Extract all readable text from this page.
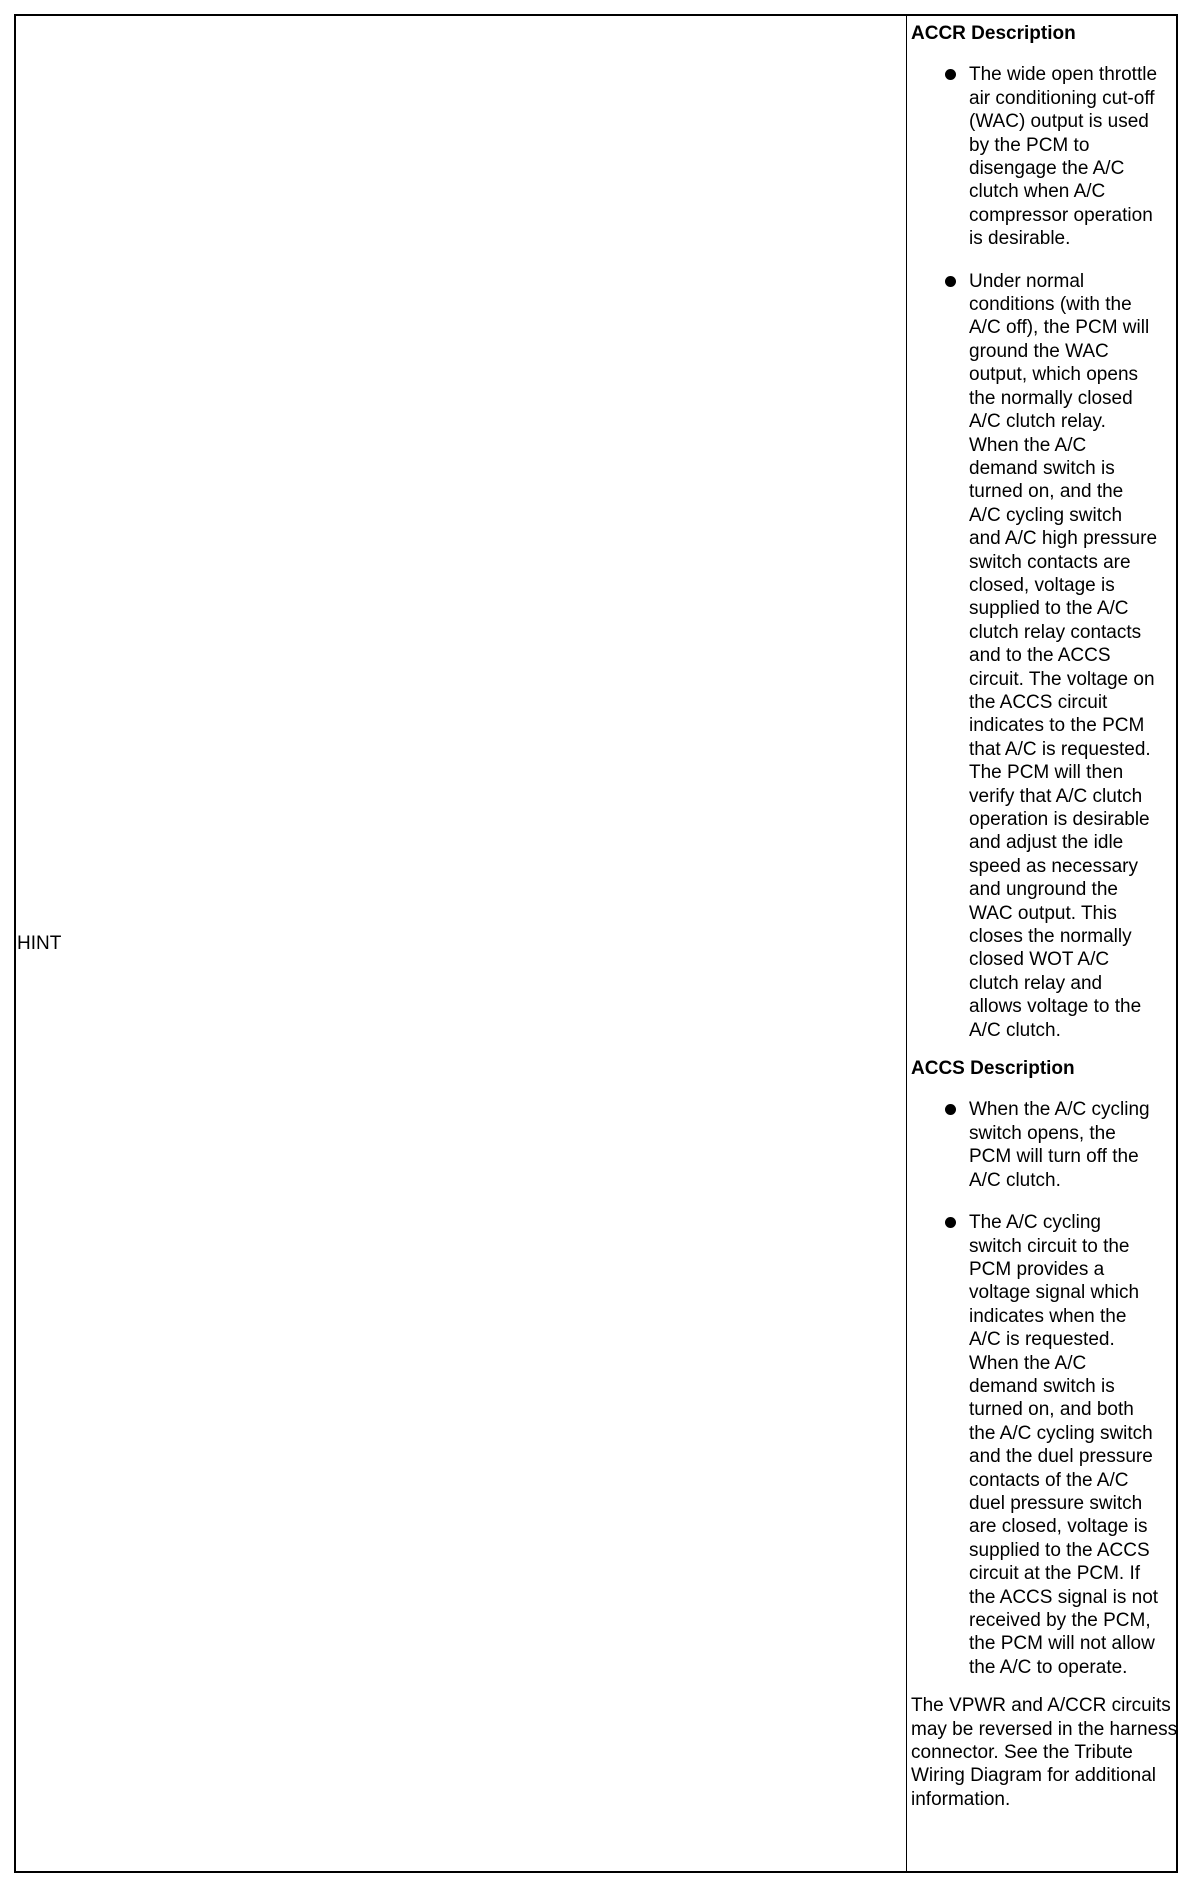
HINT
ACCR Description
The wide open throttle air conditioning cut-off (WAC) output is used by the PCM to disengage the A/C clutch when A/C compressor operation is desirable.
Under normal conditions (with the A/C off), the PCM will ground the WAC output, which opens the normally closed A/C clutch relay. When the A/C demand switch is turned on, and the A/C cycling switch and A/C high pressure switch contacts are closed, voltage is supplied to the A/C clutch relay contacts and to the ACCS circuit. The voltage on the ACCS circuit indicates to the PCM that A/C is requested. The PCM will then verify that A/C clutch operation is desirable and adjust the idle speed as necessary and unground the WAC output. This closes the normally closed WOT A/C clutch relay and allows voltage to the A/C clutch.
ACCS Description
When the A/C cycling switch opens, the PCM will turn off the A/C clutch.
The A/C cycling switch circuit to the PCM provides a voltage signal which indicates when the A/C is requested. When the A/C demand switch is turned on, and both the A/C cycling switch and the duel pressure contacts of the A/C duel pressure switch are closed, voltage is supplied to the ACCS circuit at the PCM. If the ACCS signal is not received by the PCM, the PCM will not allow the A/C to operate.
The VPWR and A/CCR circuits may be reversed in the harness connector. See the Tribute Wiring Diagram for additional information.
